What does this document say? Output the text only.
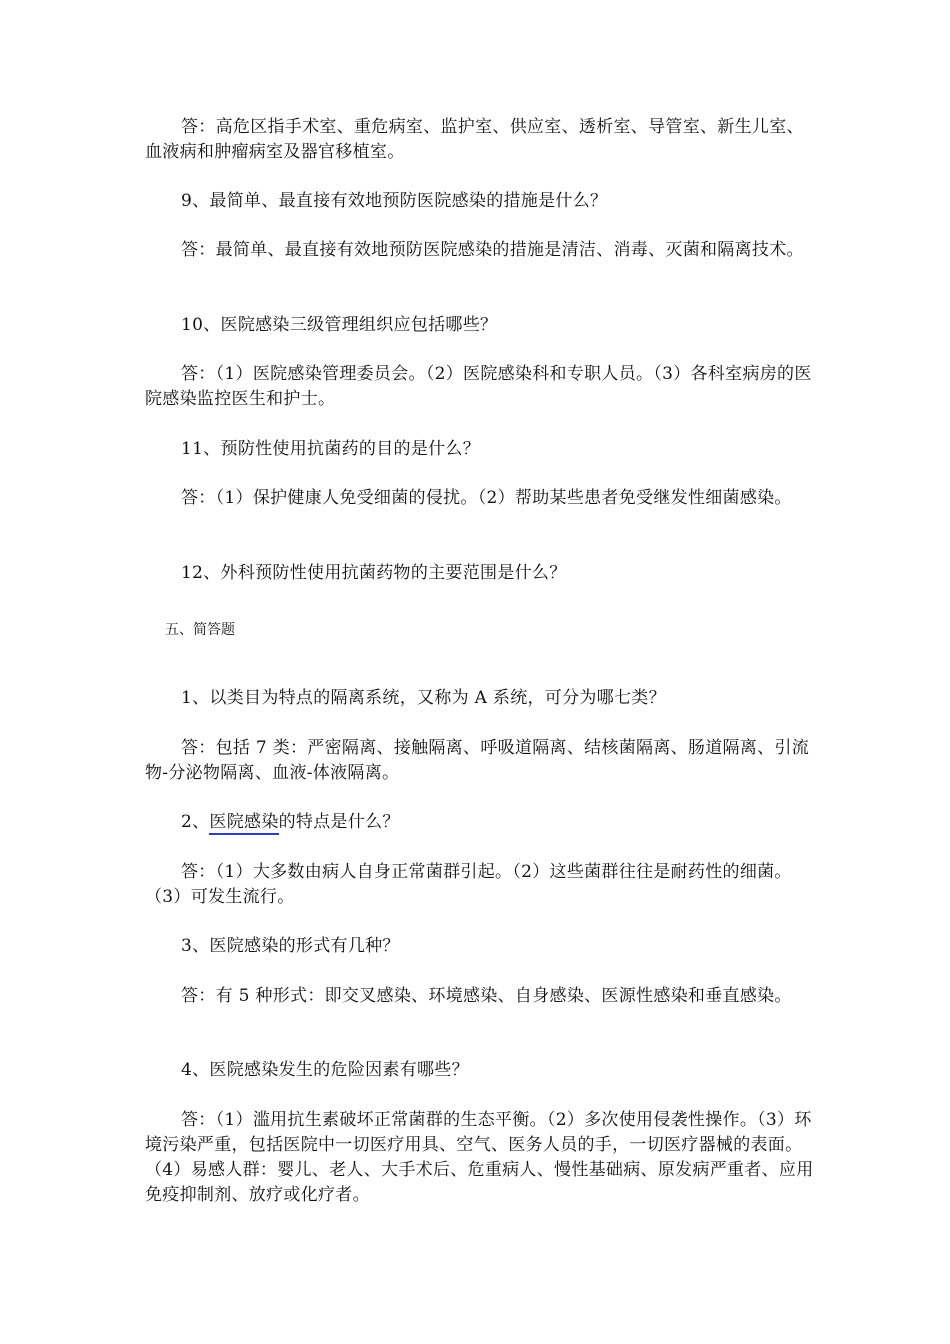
答：高危区指手术室、重危病室、监护室、供应室、透析室、导管室、新生儿室、血液病和肿瘤病室及器官移植室。

9、最简单、最直接有效地预防医院感染的措施是什么？

答：最简单、最直接有效地预防医院感染的措施是清洁、消毒、灭菌和隔离技术。

10、医院感染三级管理组织应包括哪些？

答：（1）医院感染管理委员会。（2）医院感染科和专职人员。（3）各科室病房的医院感染监控医生和护士。

11、预防性使用抗菌药的目的是什么？

答：（1）保护健康人免受细菌的侵扰。（2）帮助某些患者免受继发性细菌感染。

12、外科预防性使用抗菌药物的主要范围是什么？

五、简答题

1、以类目为特点的隔离系统，又称为 A 系统，可分为哪七类？

答：包括 7 类：严密隔离、接触隔离、呼吸道隔离、结核菌隔离、肠道隔离、引流物-分泌物隔离、血液-体液隔离。

2、医院感染的特点是什么？

答：（1）大多数由病人自身正常菌群引起。（2）这些菌群往往是耐药性的细菌。（3）可发生流行。

3、医院感染的形式有几种？

答：有 5 种形式：即交叉感染、环境感染、自身感染、医源性感染和垂直感染。

4、医院感染发生的危险因素有哪些？

答：（1）滥用抗生素破坏正常菌群的生态平衡。（2）多次使用侵袭性操作。（3）环境污染严重，包括医院中一切医疗用具、空气、医务人员的手，一切医疗器械的表面。（4）易感人群：婴儿、老人、大手术后、危重病人、慢性基础病、原发病严重者、应用免疫抑制剂、放疗或化疗者。
